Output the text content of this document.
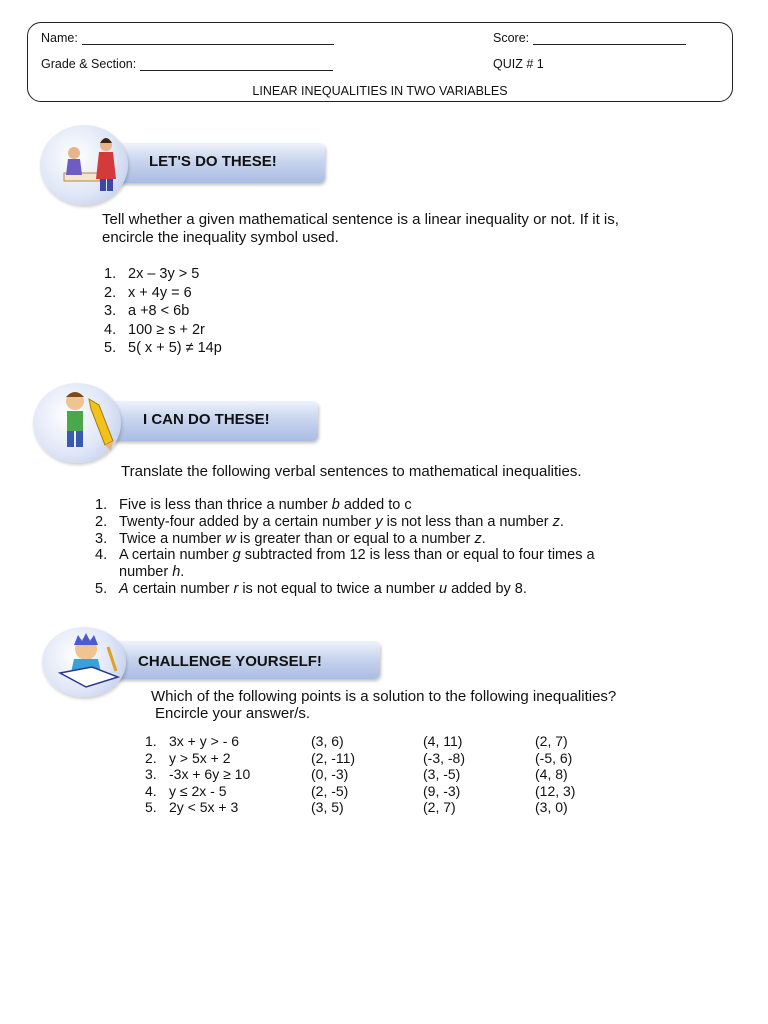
Name:	Score:
Grade & Section:	QUIZ # 1
LINEAR INEQUALITIES IN TWO VARIABLES
LET'S DO THESE!
Tell whether a given mathematical sentence is a linear inequality or not. If it is,
encircle the inequality symbol used.
1. 2x – 3y > 5
2. x + 4y = 6
3. a +8 < 6b
4. 100 ≥ s + 2r
5. 5( x + 5) ≠ 14p
I CAN DO THESE!
Translate the following verbal sentences to mathematical inequalities.
1. Five is less than thrice a number b added to c
2. Twenty-four added by a certain number y is not less than a number z.
3. Twice a number w is greater than or equal to a number z.
4. A certain number g subtracted from 12 is less than or equal to four times a
number h.
5. A certain number r is not equal to twice a number u added by 8.
CHALLENGE YOURSELF!
Which of the following points is a solution to the following inequalities?
Encircle your answer/s.
1. 3x + y > - 6	(3, 6)	(4, 11)	(2, 7)
2. y > 5x + 2	(2, -11)	(-3, -8)	(-5, 6)
3. -3x + 6y ≥ 10	(0, -3)	(3, -5)	(4, 8)
4. y ≤ 2x - 5	(2, -5)	(9, -3)	(12, 3)
5. 2y < 5x + 3	(3, 5)	(2, 7)	(3, 0)
